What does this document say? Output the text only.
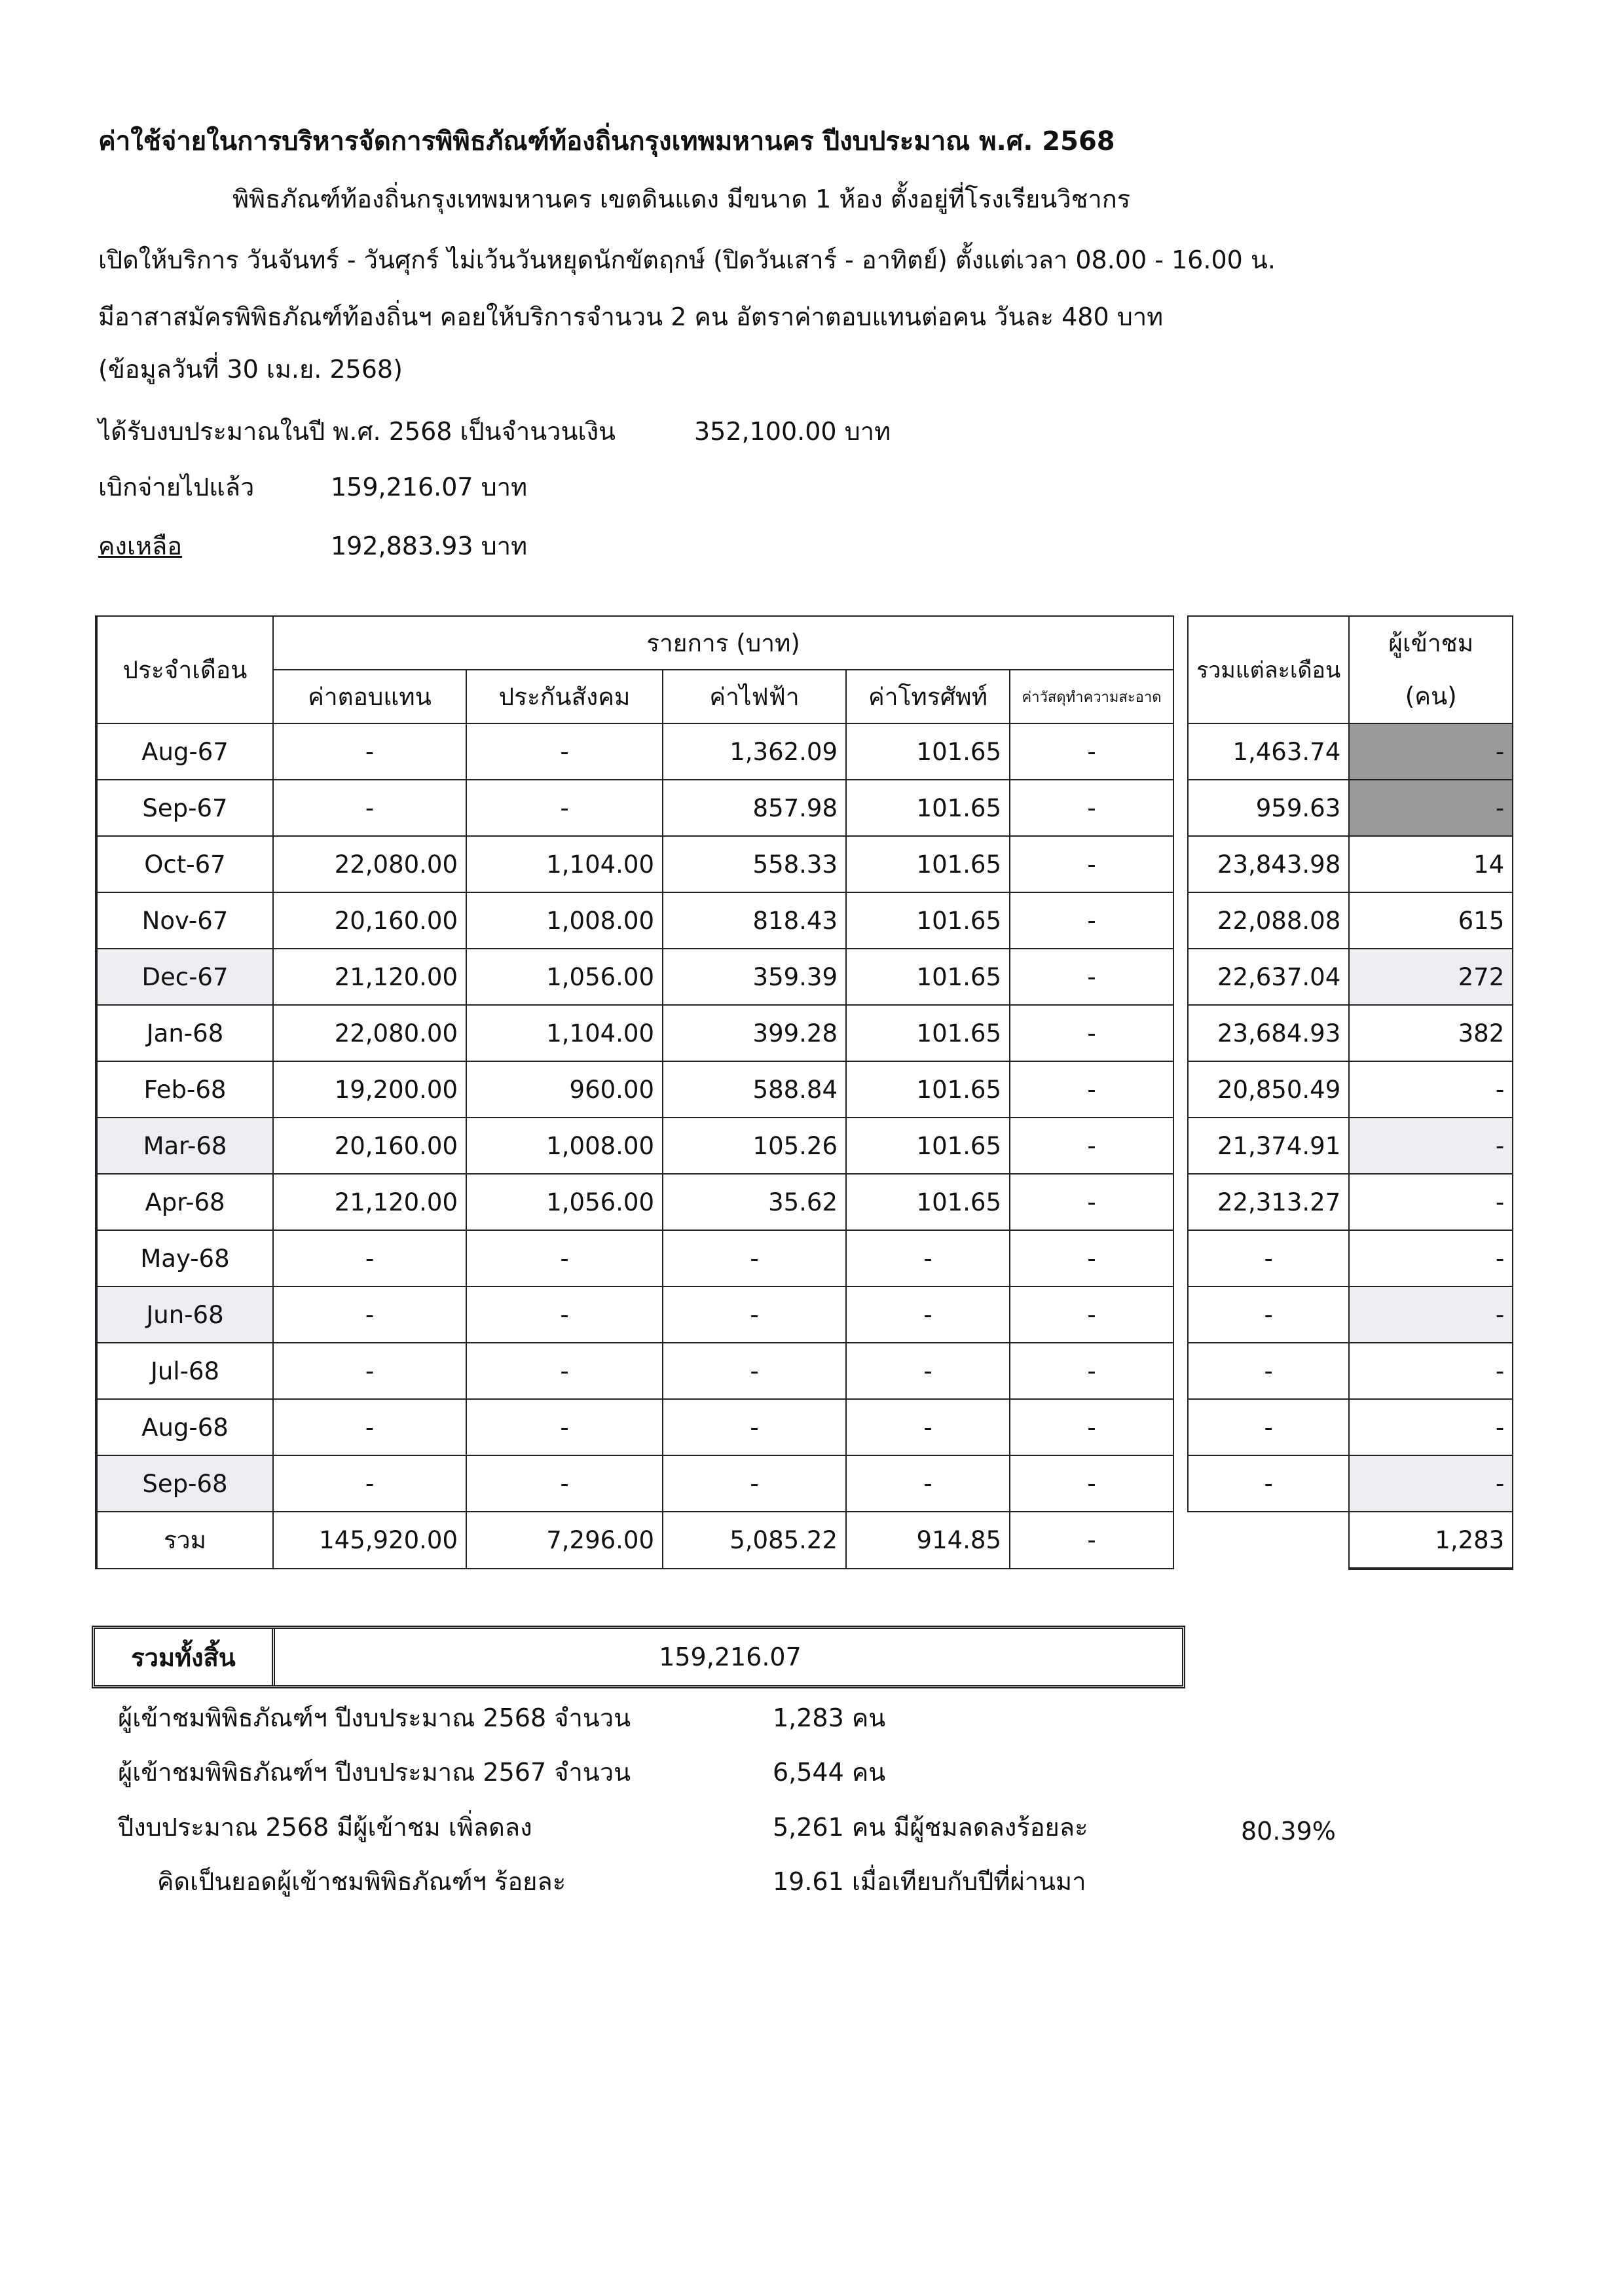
ค่าใช้จ่ายในการบริหารจัดการพิพิธภัณฑ์ท้องถิ่นกรุงเทพมหานคร ปีงบประมาณ พ.ศ. 2568
พิพิธภัณฑ์ท้องถิ่นกรุงเทพมหานคร เขตดินแดง มีขนาด 1 ห้อง ตั้งอยู่ที่โรงเรียนวิชากร
เปิดให้บริการ วันจันทร์ - วันศุกร์ ไม่เว้นวันหยุดนักขัตฤกษ์ (ปิดวันเสาร์ - อาทิตย์) ตั้งแต่เวลา 08.00 - 16.00 น.
มีอาสาสมัครพิพิธภัณฑ์ท้องถิ่นฯ คอยให้บริการจำนวน 2 คน อัตราค่าตอบแทนต่อคน วันละ 480 บาท
(ข้อมูลวันที่ 30 เม.ย. 2568)
ได้รับงบประมาณในปี พ.ศ. 2568 เป็นจำนวนเงิน	352,100.00 บาท
เบิกจ่ายไปแล้ว	159,216.07 บาท
คงเหลือ	192,883.93 บาท
ประจำเดือน	รายการ (บาท)						รวมแต่ละเดือน	ผู้เข้าชม
	ค่าตอบแทน	ประกันสังคม	ค่าไฟฟ้า	ค่าโทรศัพท์	ค่าวัสดุทำความสะอาด			(คน)
Aug-67	-	-	1,362.09	101.65	-		1,463.74	-
Sep-67	-	-	857.98	101.65	-		959.63	-
Oct-67	22,080.00	1,104.00	558.33	101.65	-		23,843.98	14
Nov-67	20,160.00	1,008.00	818.43	101.65	-		22,088.08	615
Dec-67	21,120.00	1,056.00	359.39	101.65	-		22,637.04	272
Jan-68	22,080.00	1,104.00	399.28	101.65	-		23,684.93	382
Feb-68	19,200.00	960.00	588.84	101.65	-		20,850.49	-
Mar-68	20,160.00	1,008.00	105.26	101.65	-		21,374.91	-
Apr-68	21,120.00	1,056.00	35.62	101.65	-		22,313.27	-
May-68	-	-	-	-	-		-	-
Jun-68	-	-	-	-	-		-	-
Jul-68	-	-	-	-	-		-	-
Aug-68	-	-	-	-	-		-	-
Sep-68	-	-	-	-	-		-	-
รวม	145,920.00	7,296.00	5,085.22	914.85	-			1,283
รวมทั้งสิ้น	159,216.07
ผู้เข้าชมพิพิธภัณฑ์ฯ ปีงบประมาณ 2568 จำนวน	1,283 คน
ผู้เข้าชมพิพิธภัณฑ์ฯ ปีงบประมาณ 2567 จำนวน	6,544 คน
ปีงบประมาณ 2568 มีผู้เข้าชม เพิ่ลดลง	5,261 คน มีผู้ชมลดลงร้อยละ	80.39%
คิดเป็นยอดผู้เข้าชมพิพิธภัณฑ์ฯ ร้อยละ	19.61 เมื่อเทียบกับปีที่ผ่านมา
